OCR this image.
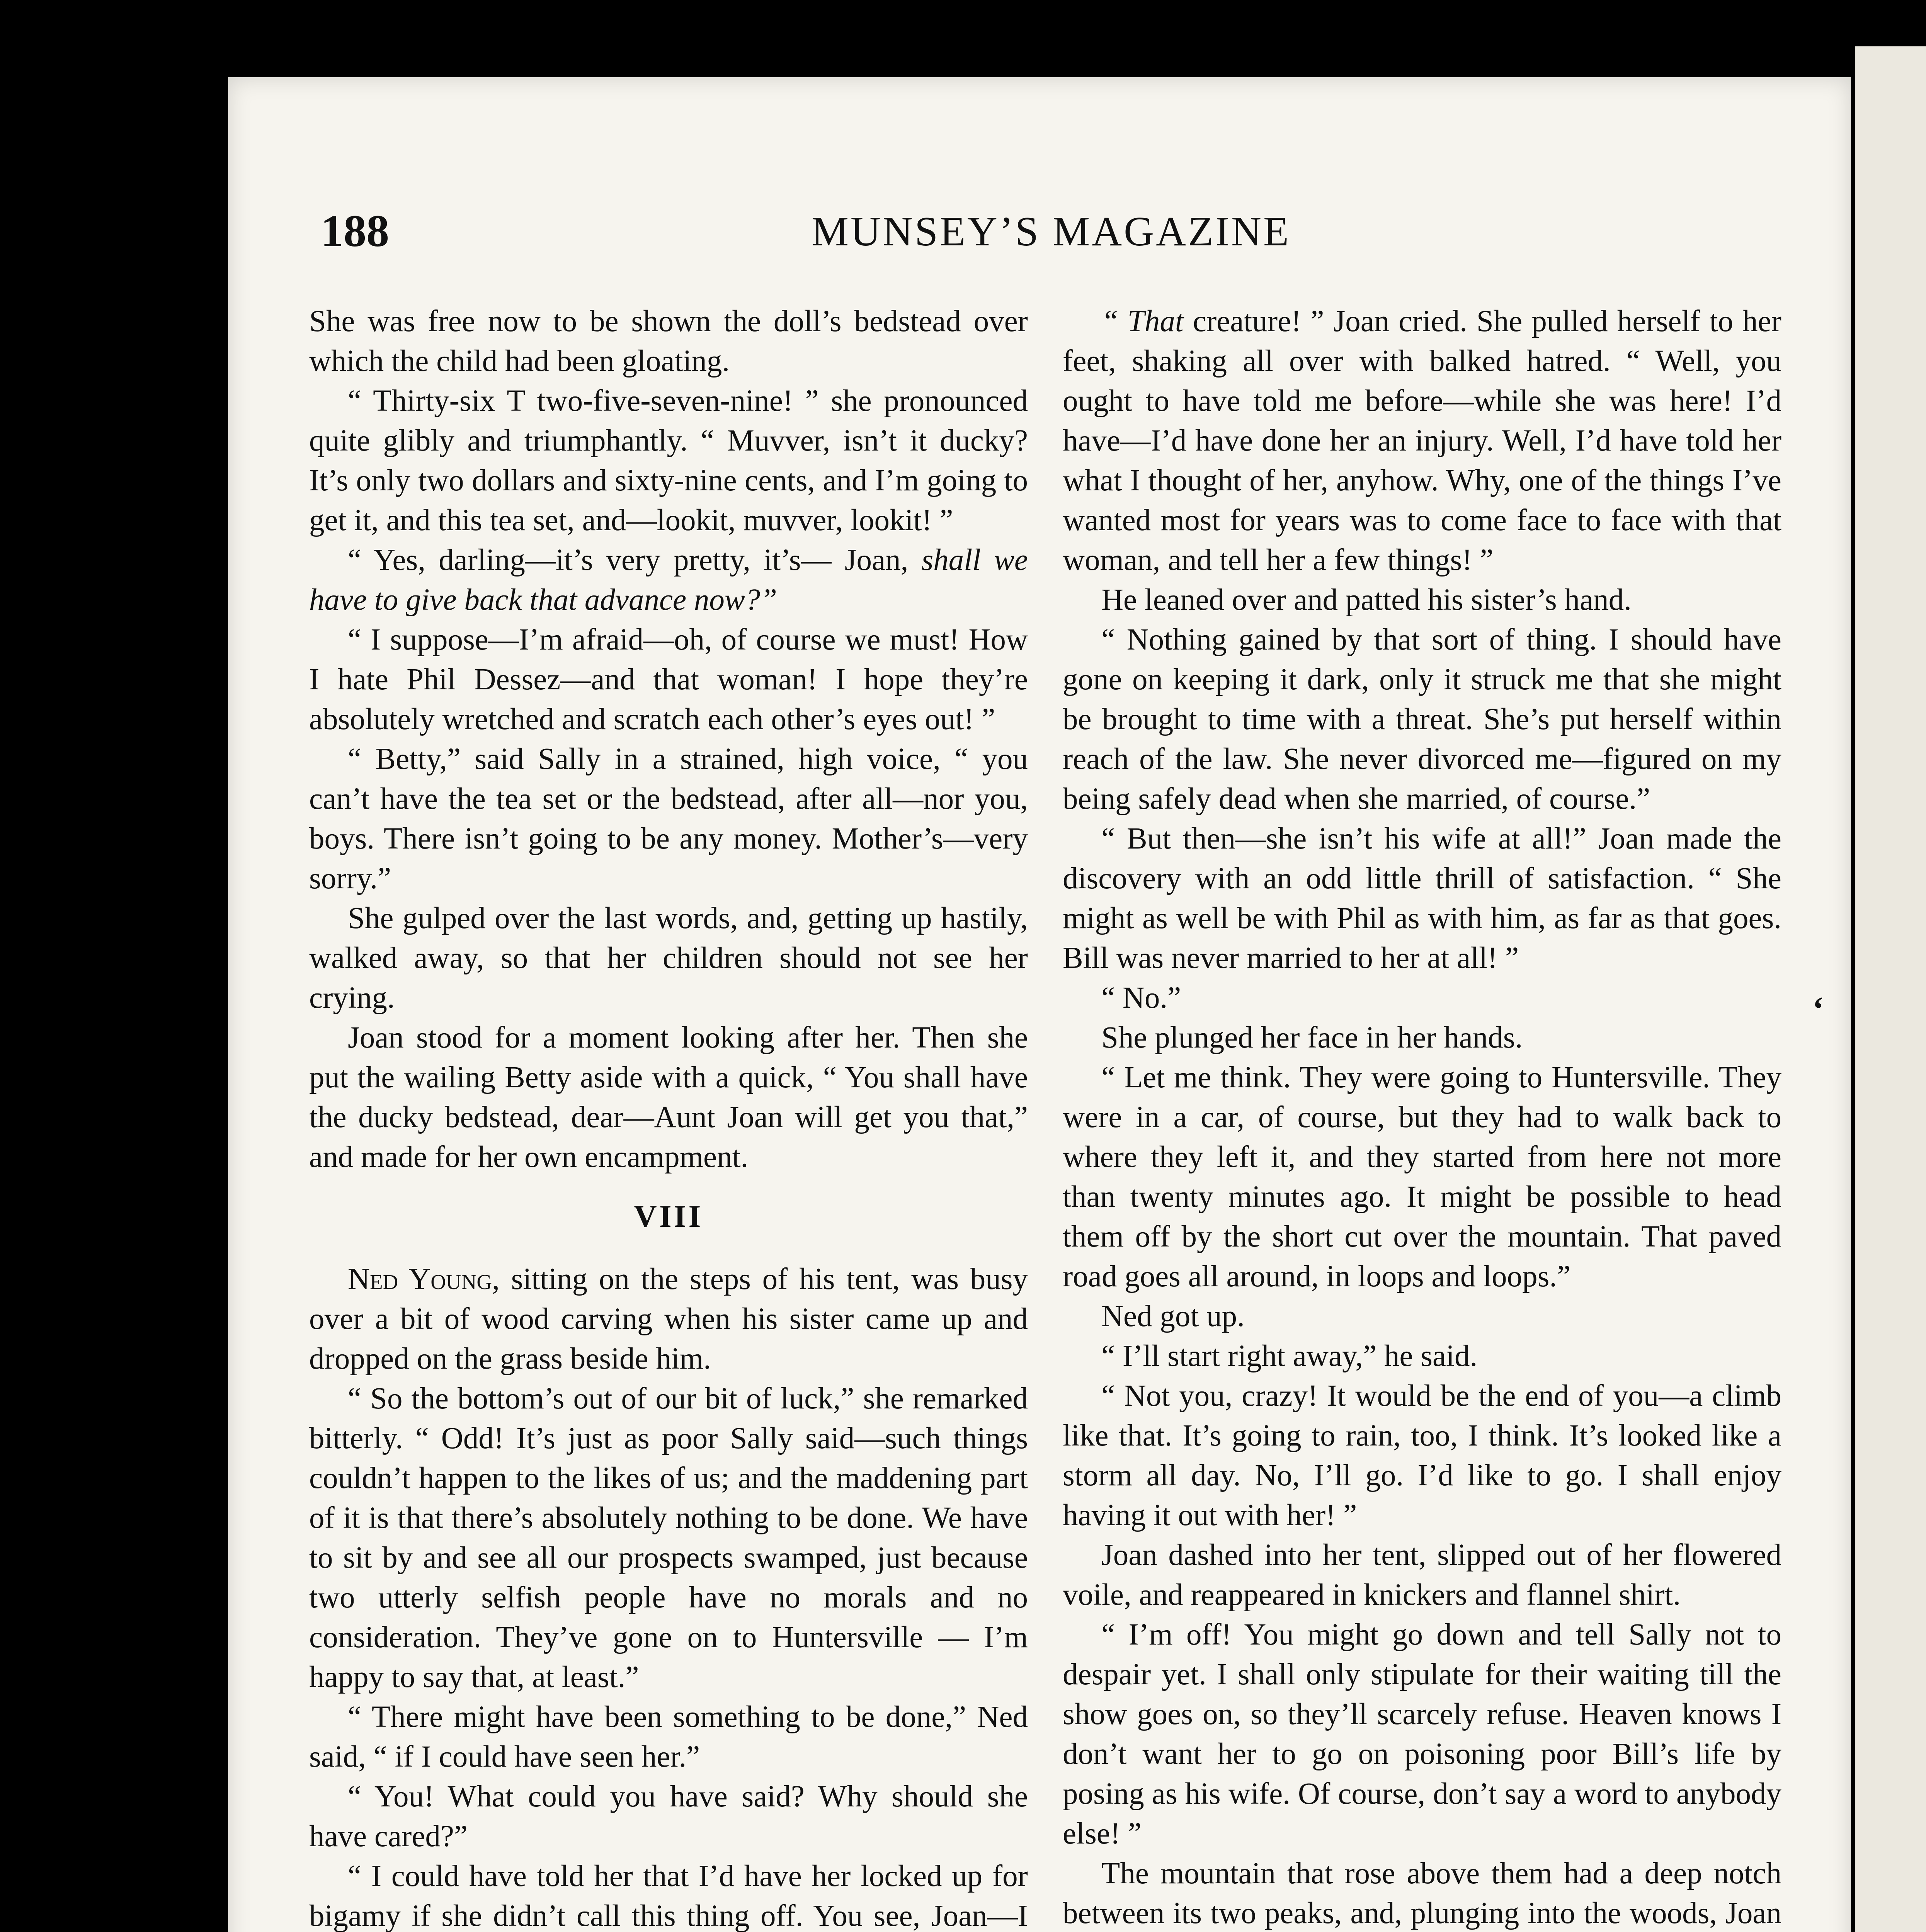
188	MUNSEY’S MAGAZINE

She was free now to be shown the doll’s bedstead over which the child had been gloating.

“ Thirty-six T two-five-seven-nine! ” she pronounced quite glibly and triumphantly. “ Muvver, isn’t it ducky? It’s only two dollars and sixty-nine cents, and I’m going to get it, and this tea set, and—lookit, muvver, lookit! ”

“ Yes, darling—it’s very pretty, it’s— Joan, shall we have to give back that advance now?”

“ I suppose—I’m afraid—oh, of course we must! How I hate Phil Dessez—and that woman! I hope they’re absolutely wretched and scratch each other’s eyes out! ”

“ Betty,” said Sally in a strained, high voice, “ you can’t have the tea set or the bedstead, after all—nor you, boys. There isn’t going to be any money. Mother’s—very sorry.”

She gulped over the last words, and, getting up hastily, walked away, so that her children should not see her crying.

Joan stood for a moment looking after her. Then she put the wailing Betty aside with a quick, “ You shall have the ducky bedstead, dear—Aunt Joan will get you that,” and made for her own encampment.

VIII

Ned Young, sitting on the steps of his tent, was busy over a bit of wood carving when his sister came up and dropped on the grass beside him.

“ So the bottom’s out of our bit of luck,” she remarked bitterly. “ Odd! It’s just as poor Sally said—such things couldn’t happen to the likes of us; and the maddening part of it is that there’s absolutely nothing to be done. We have to sit by and see all our prospects swamped, just because two utterly selfish people have no morals and no consideration. They’ve gone on to Huntersville — I’m happy to say that, at least.”

“ There might have been something to be done,” Ned said, “ if I could have seen her.”

“ You! What could you have said? Why should she have cared?”

“ I could have told her that I’d have her locked up for bigamy if she didn’t call this thing off. You see, Joan—I

“ That creature! ” Joan cried. She pulled herself to her feet, shaking all over with balked hatred. “ Well, you ought to have told me before—while she was here! I’d have—I’d have done her an injury. Well, I’d have told her what I thought of her, anyhow. Why, one of the things I’ve wanted most for years was to come face to face with that woman, and tell her a few things! ”

He leaned over and patted his sister’s hand.

“ Nothing gained by that sort of thing. I should have gone on keeping it dark, only it struck me that she might be brought to time with a threat. She’s put herself within reach of the law. She never divorced me—figured on my being safely dead when she married, of course.”

“ But then—she isn’t his wife at all!” Joan made the discovery with an odd little thrill of satisfaction. “ She might as well be with Phil as with him, as far as that goes. Bill was never married to her at all! ”

“ No.”

She plunged her face in her hands.

“ Let me think. They were going to Huntersville. They were in a car, of course, but they had to walk back to where they left it, and they started from here not more than twenty minutes ago. It might be possible to head them off by the short cut over the mountain. That paved road goes all around, in loops and loops.”

Ned got up.

“ I’ll start right away,” he said.

“ Not you, crazy! It would be the end of you—a climb like that. It’s going to rain, too, I think. It’s looked like a storm all day. No, I’ll go. I’d like to go. I shall enjoy having it out with her! ”

Joan dashed into her tent, slipped out of her flowered voile, and reappeared in knickers and flannel shirt.

“ I’m off! You might go down and tell Sally not to despair yet. I shall only stipulate for their waiting till the show goes on, so they’ll scarcely refuse. Heaven knows I don’t want her to go on poisoning poor Bill’s life by posing as his wife. Of course, don’t say a word to anybody else! ”

The mountain that rose above them had a deep notch between its two peaks, and, plunging into the woods, Joan

‘
